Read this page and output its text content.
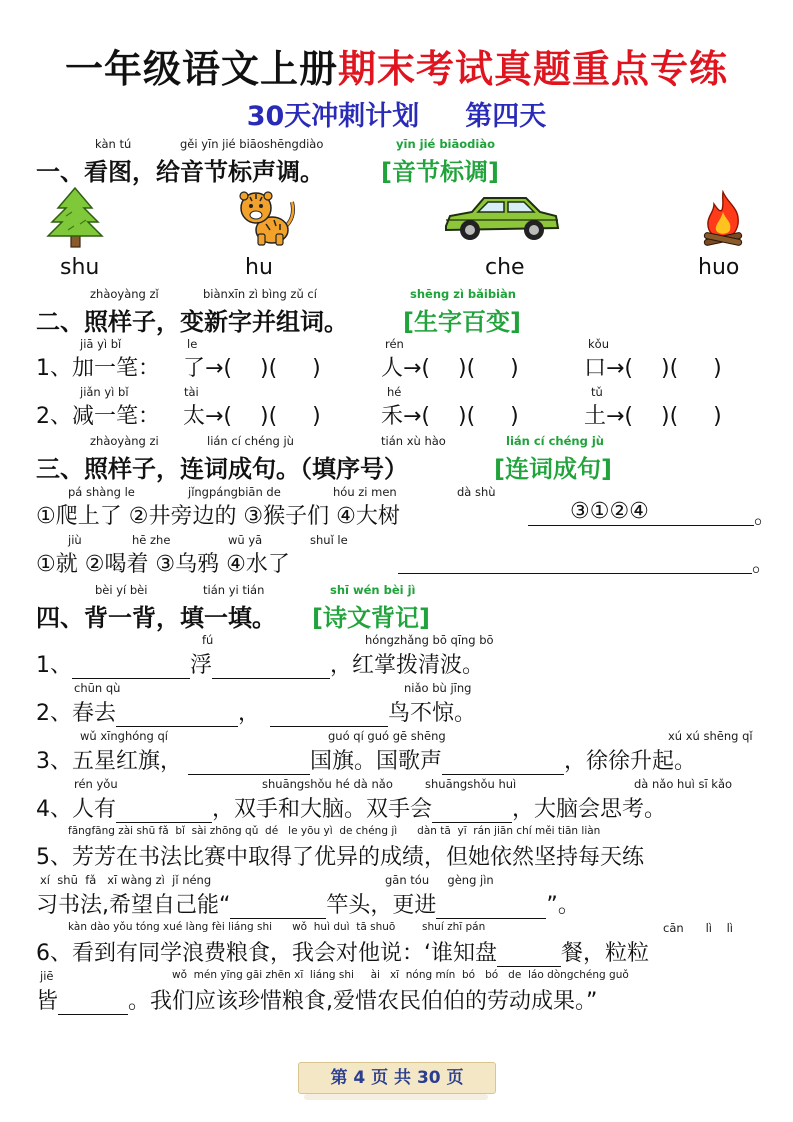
一年级语文上册期末考试真题重点专练
30天冲刺计划 第四天
kàn tú	gěi yīn jié biāoshēngdiào	yīn jié biāodiào
一、看图，给音节标声调。 [音节标调]
shu	hu	che	huo
zhàoyàng zǐ	biànxīn zì bìng zǔ cí	shēng zì bǎibiàn
二、照样子，变新字并组词。 [生字百变]
jiā yì bǐ	le	rén	kǒu
1、加一笔： 了→(    )(     )	人→(    )(     )	口→(    )(     )
jiǎn yì bǐ	tài	hé	tǔ
2、减一笔： 太→(    )(     )	禾→(    )(     )	土→(    )(     )
zhàoyàng zi	lián cí chéng jù	tián xù hào	lián cí chéng jù
三、照样子，连词成句。（填序号）	[连词成句]
pá shàng le	jǐngpángbiān de	hóu zi men	dà shù
①爬上了 ②井旁边的 ③猴子们 ④大树	③①②④	。
jiù	hē zhe	wū yā	shuǐ le
①就 ②喝着 ③乌鸦 ④水了	。
bèi yí bèi	tián yi tián	shī wén bèi jì
四、背一背，填一填。 [诗文背记]
fú	hóngzhǎng bō qīng bō
1、	浮	，红掌拨清波。
chūn qù	niǎo bù jīng
2、春去	，	鸟不惊。
wǔ xīnghóng qí	guó qí guó gē shēng	xú xú shēng qǐ
3、五星红旗，	国旗。国歌声	，徐徐升起。
rén yǒu	shuāngshǒu hé dà nǎo	shuāngshǒu huì	dà nǎo huì sī kǎo
4、人有	，双手和大脑。双手会	，大脑会思考。
fāngfāng zài shū fǎ  bǐ  sài zhōng qǔ  dé   le yōu yì  de chéng jì      dàn tā  yī  rán jiān chí měi tiān liàn
5、芳芳在书法比赛中取得了优异的成绩，但她依然坚持每天练
xí  shū  fǎ   xī wàng zì  jǐ néng	gān tóu     gèng jìn
习书法,希望自己能“	竿头，更进	”。
kàn dào yǒu tóng xué làng fèi liáng shi      wǒ  huì duì  tā shuō        shuí zhī pán	cān      lì    lì
6、看到有同学浪费粮食，我会对他说：‘谁知盘	餐，粒粒
jiē	wǒ  mén yīng gāi zhēn xī  liáng shi     ài   xī  nóng mín  bó   bó   de  láo dòngchéng guǒ
皆	。我们应该珍惜粮食,爱惜农民伯伯的劳动成果。”
第 4 页 共 30 页
